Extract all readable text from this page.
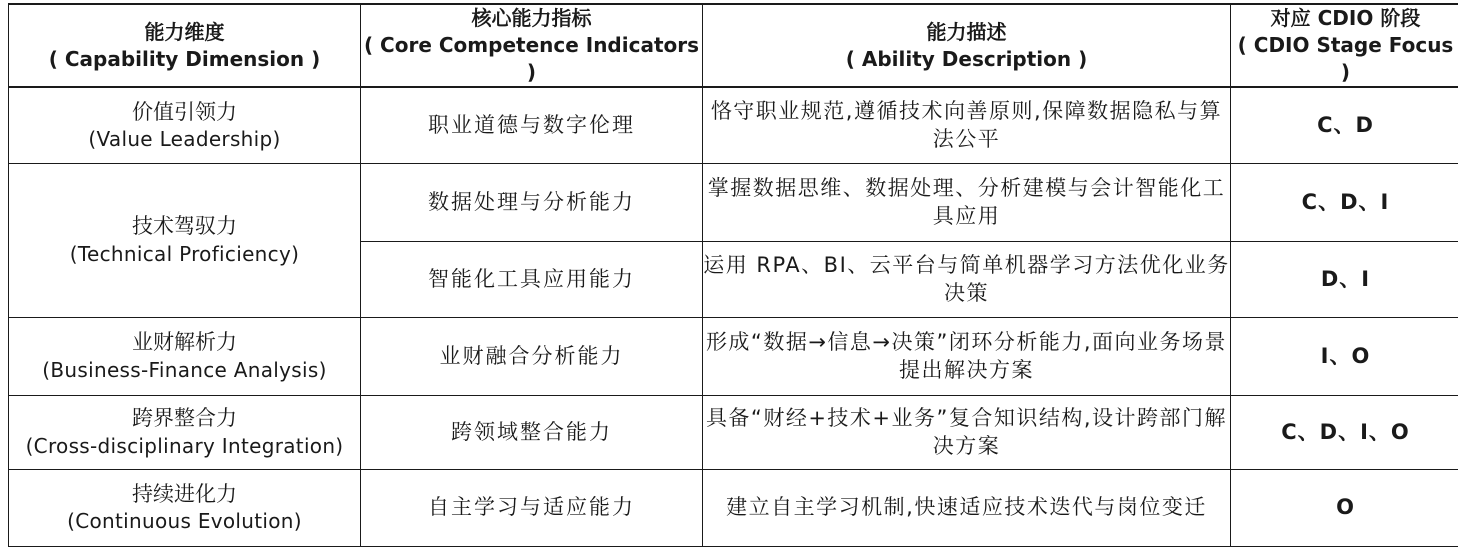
能力维度
( Capability Dimension )	核心能力指标
( Core Competence Indicators )	能力描述
( Ability Description )	对应 CDIO 阶段
( CDIO Stage Focus )

价值引领力
(Value Leadership)	职业道德与数字伦理	恪守职业规范,遵循技术向善原则,保障数据隐私与算法公平	C、D

技术驾驭力
(Technical Proficiency)	数据处理与分析能力	掌握数据思维、数据处理、分析建模与会计智能化工具应用	C、D、I
	智能化工具应用能力	运用 RPA、BI、云平台与简单机器学习方法优化业务决策	D、I

业财解析力
(Business-Finance Analysis)	业财融合分析能力	形成“数据→信息→决策”闭环分析能力,面向业务场景提出解决方案	I、O

跨界整合力
(Cross-disciplinary Integration)	跨领域整合能力	具备“财经+技术+业务”复合知识结构,设计跨部门解决方案	C、D、I、O

持续进化力
(Continuous Evolution)	自主学习与适应能力	建立自主学习机制,快速适应技术迭代与岗位变迁	O
